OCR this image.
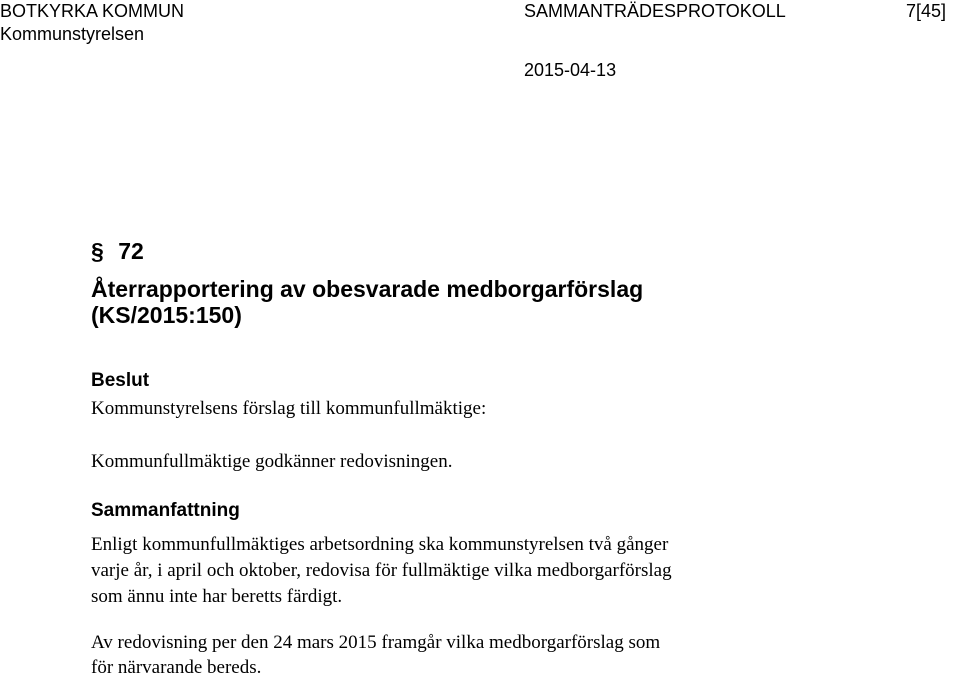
BOTKYRKA KOMMUN
Kommunstyrelsen
SAMMANTRÄDESPROTOKOLL
2015-04-13
7[45]
§ 72
Återrapportering av obesvarade medborgarförslag
(KS/2015:150)
Beslut
Kommunstyrelsens förslag till kommunfullmäktige:
Kommunfullmäktige godkänner redovisningen.
Sammanfattning
Enligt kommunfullmäktiges arbetsordning ska kommunstyrelsen två gånger
varje år, i april och oktober, redovisa för fullmäktige vilka medborgarförslag
som ännu inte har beretts färdigt.
Av redovisning per den 24 mars 2015 framgår vilka medborgarförslag som
för närvarande bereds.
